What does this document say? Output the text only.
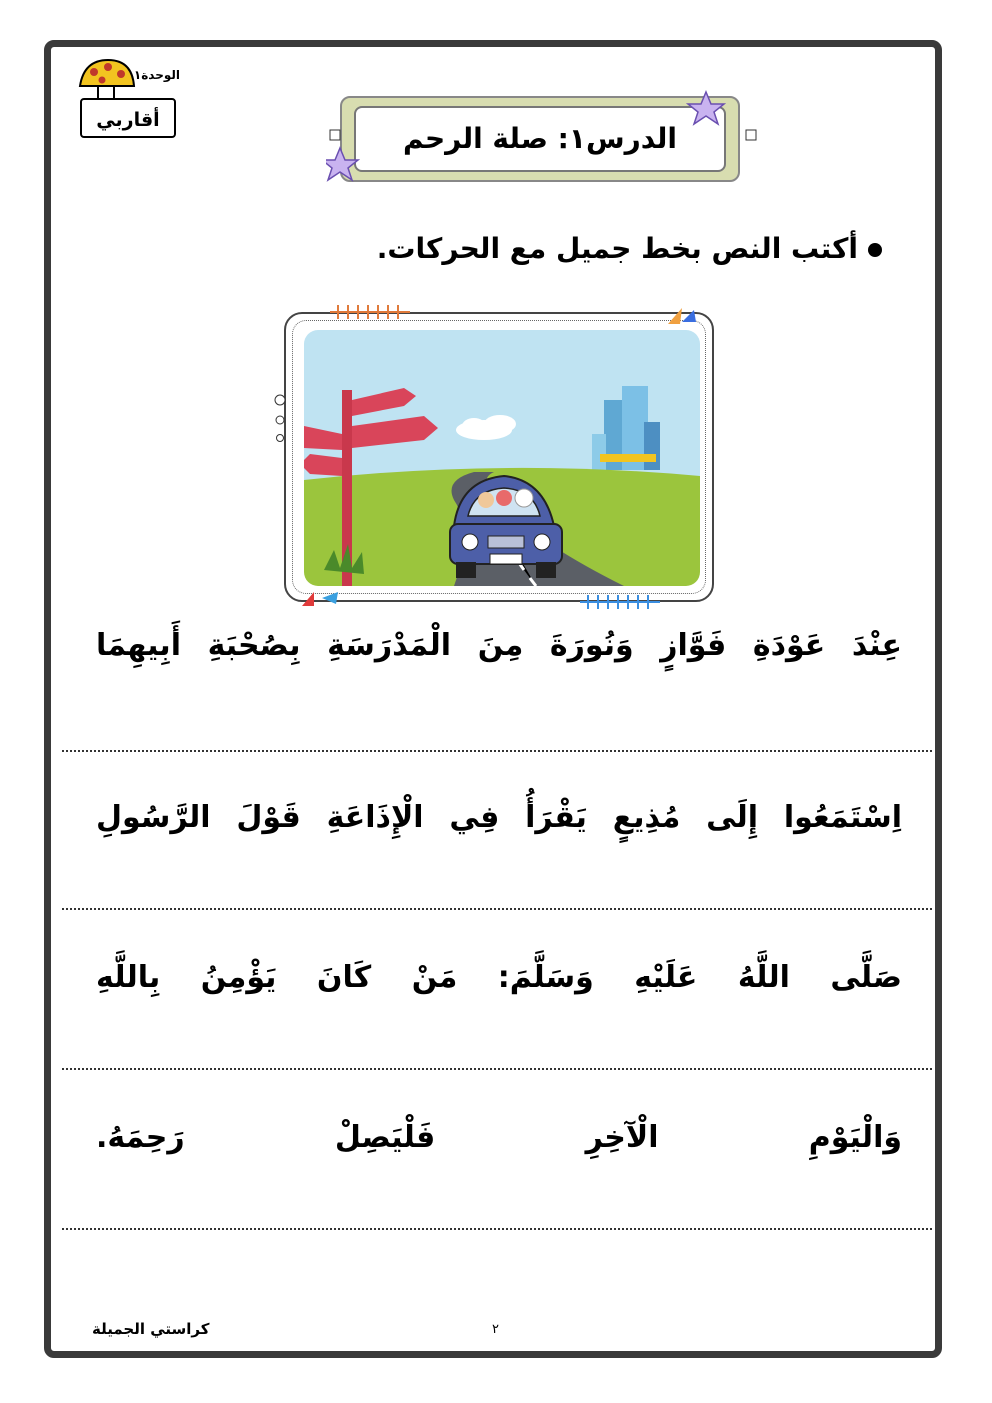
الوحدة١
أقاربي
الدرس١: صلة الرحم
أكتب النص بخط جميل مع الحركات.
عِنْدَ عَوْدَةِ فَوَّازٍ وَنُورَةَ مِنَ الْمَدْرَسَةِ بِصُحْبَةِ أَبِيهِمَا
اِسْتَمَعُوا إِلَى مُذِيعٍ يَقْرَأُ فِي الْإِذَاعَةِ قَوْلَ الرَّسُولِ
صَلَّى اللَّهُ عَلَيْهِ وَسَلَّمَ: مَنْ كَانَ يَؤْمِنُ بِاللَّهِ
وَالْيَوْمِ الْآخِرِ فَلْيَصِلْ رَحِمَهُ.
كراستي الجميلة	٢
